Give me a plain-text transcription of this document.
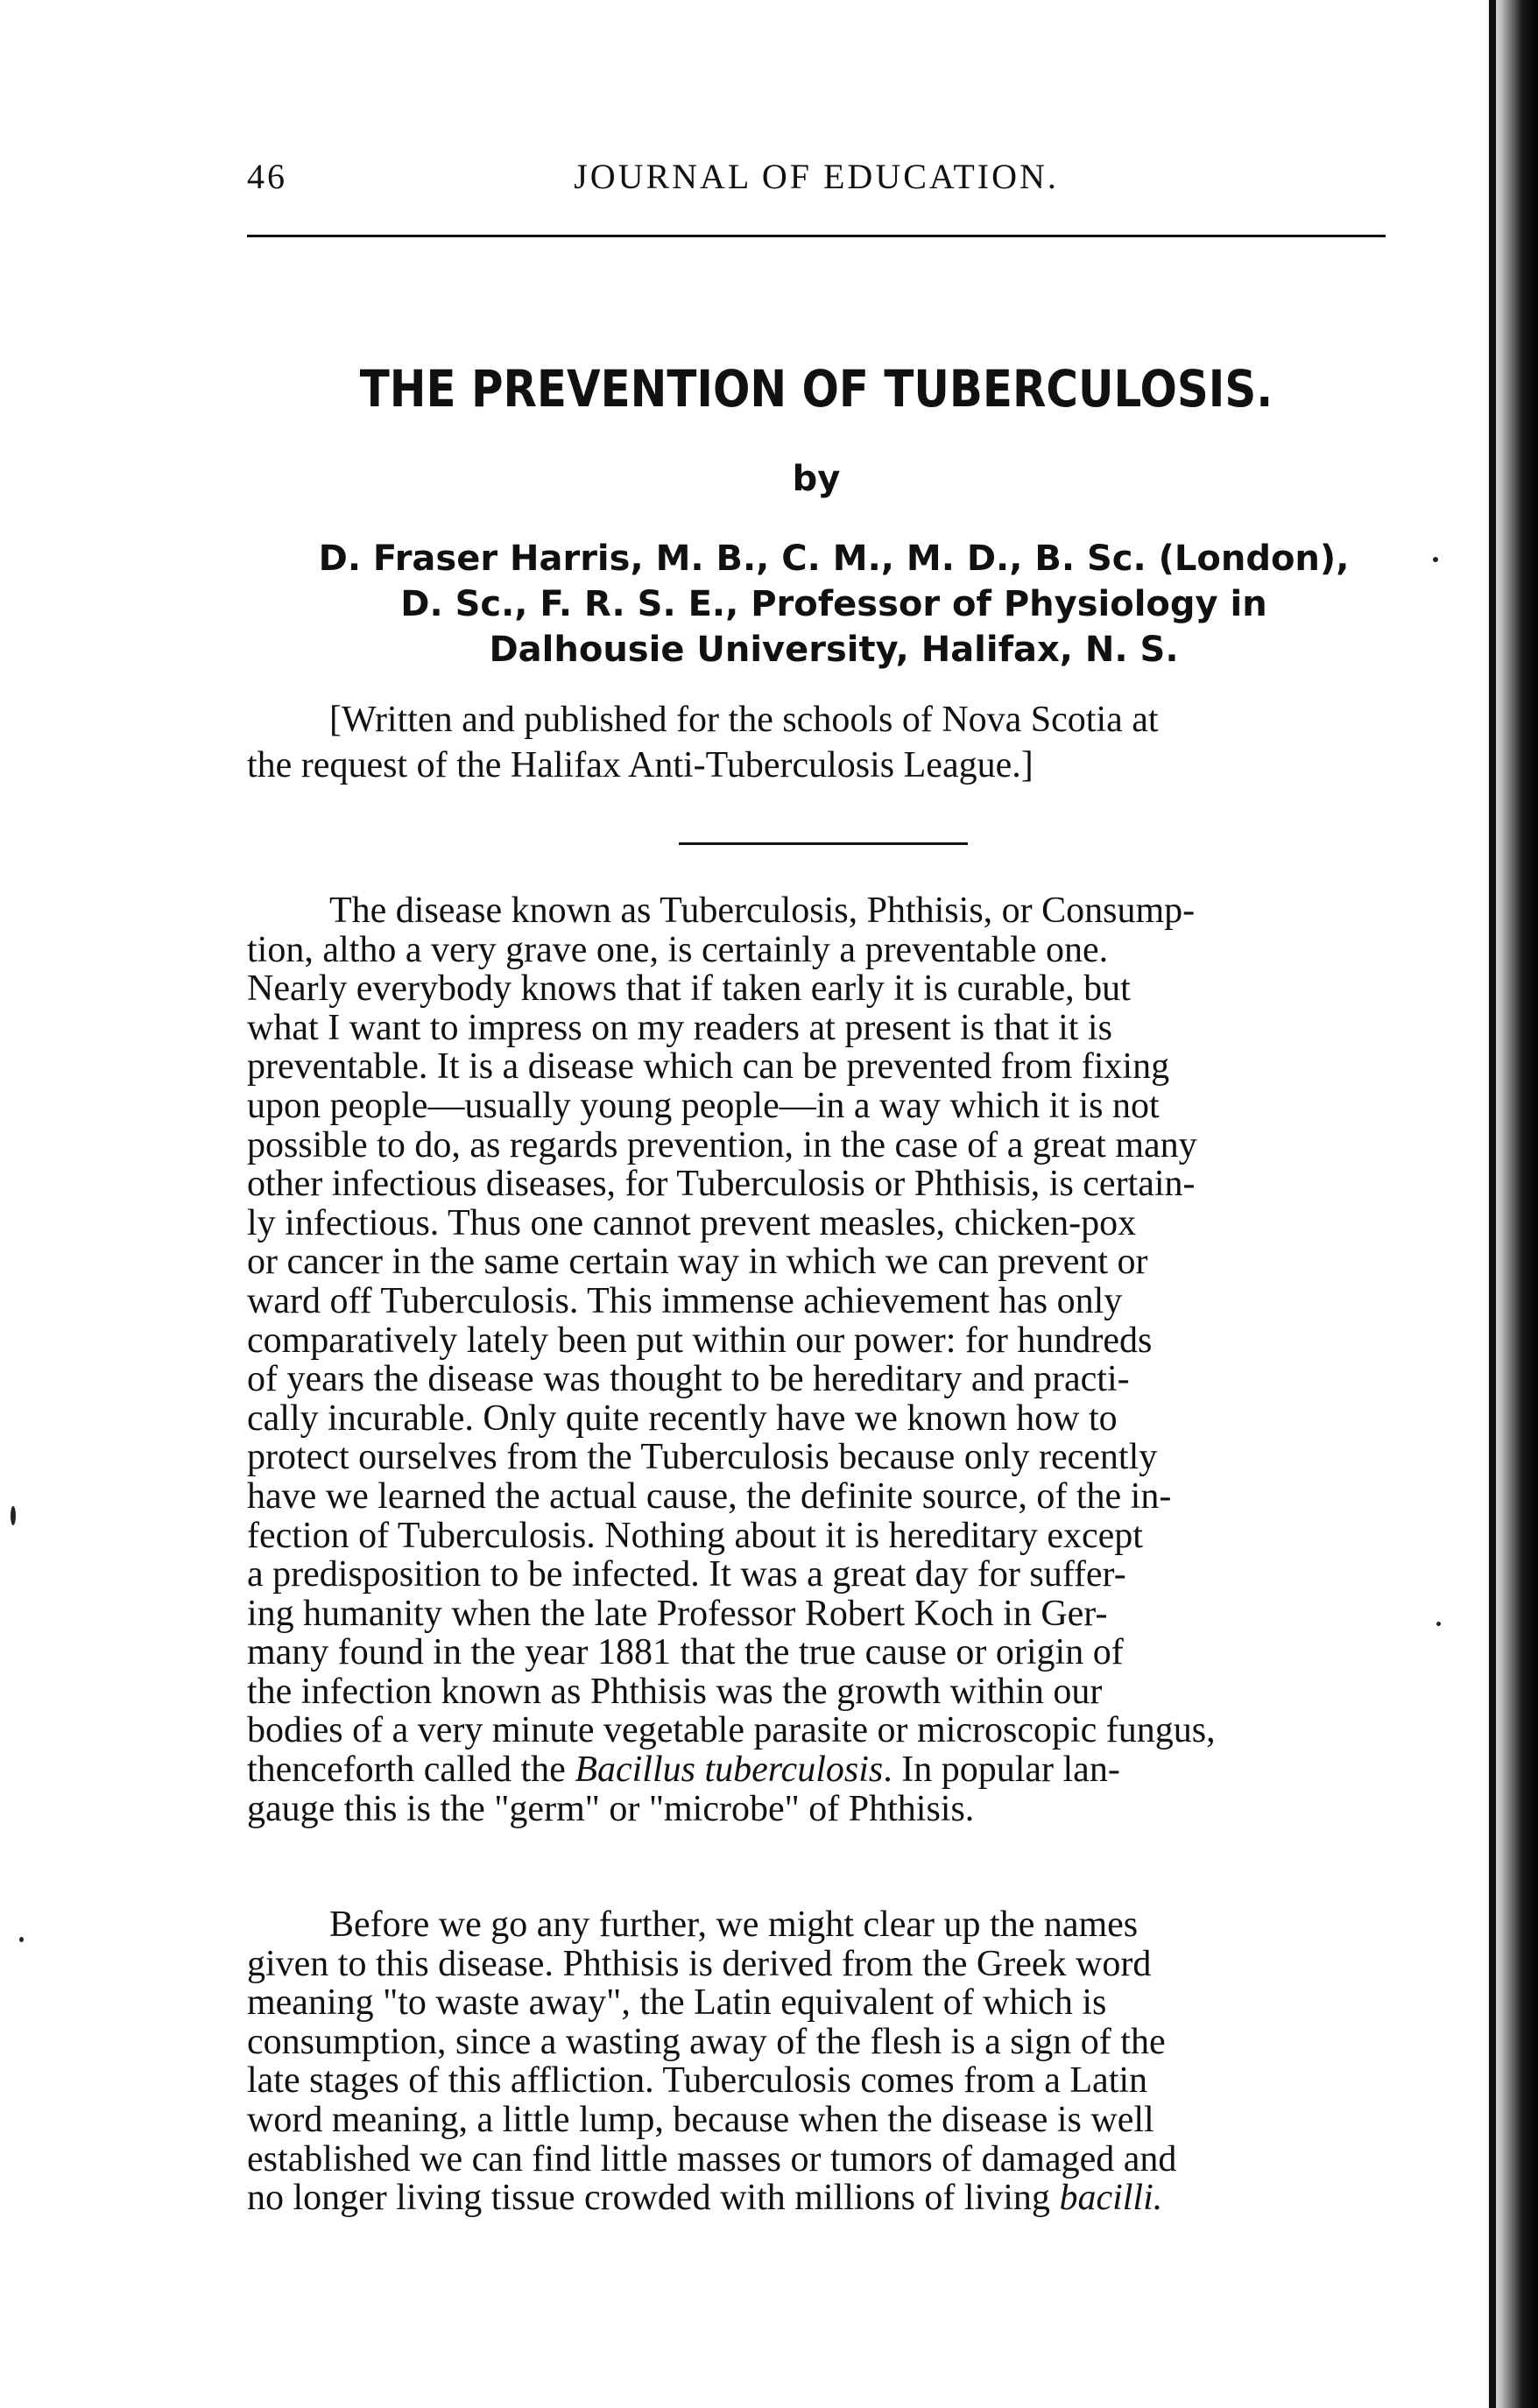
46	JOURNAL OF EDUCATION.
THE PREVENTION OF TUBERCULOSIS.
by
D. Fraser Harris, M. B., C. M., M. D., B. Sc. (London),
D. Sc., F. R. S. E., Professor of Physiology in
Dalhousie University, Halifax, N. S.
[Written and published for the schools of Nova Scotia at
the request of the Halifax Anti-Tuberculosis League.]
The disease known as Tuberculosis, Phthisis, or Consump-
tion, altho a very grave one, is certainly a preventable one.
Nearly everybody knows that if taken early it is curable, but
what I want to impress on my readers at present is that it is
preventable. It is a disease which can be prevented from fixing
upon people—usually young people—in a way which it is not
possible to do, as regards prevention, in the case of a great many
other infectious diseases, for Tuberculosis or Phthisis, is certain-
ly infectious. Thus one cannot prevent measles, chicken-pox
or cancer in the same certain way in which we can prevent or
ward off Tuberculosis. This immense achievement has only
comparatively lately been put within our power: for hundreds
of years the disease was thought to be hereditary and practi-
cally incurable. Only quite recently have we known how to
protect ourselves from the Tuberculosis because only recently
have we learned the actual cause, the definite source, of the in-
fection of Tuberculosis. Nothing about it is hereditary except
a predisposition to be infected. It was a great day for suffer-
ing humanity when the late Professor Robert Koch in Ger-
many found in the year 1881 that the true cause or origin of
the infection known as Phthisis was the growth within our
bodies of a very minute vegetable parasite or microscopic fungus,
thenceforth called the Bacillus tuberculosis. In popular lan-
gauge this is the "germ" or "microbe" of Phthisis.
Before we go any further, we might clear up the names
given to this disease. Phthisis is derived from the Greek word
meaning "to waste away", the Latin equivalent of which is
consumption, since a wasting away of the flesh is a sign of the
late stages of this affliction. Tuberculosis comes from a Latin
word meaning, a little lump, because when the disease is well
established we can find little masses or tumors of damaged and
no longer living tissue crowded with millions of living bacilli.
